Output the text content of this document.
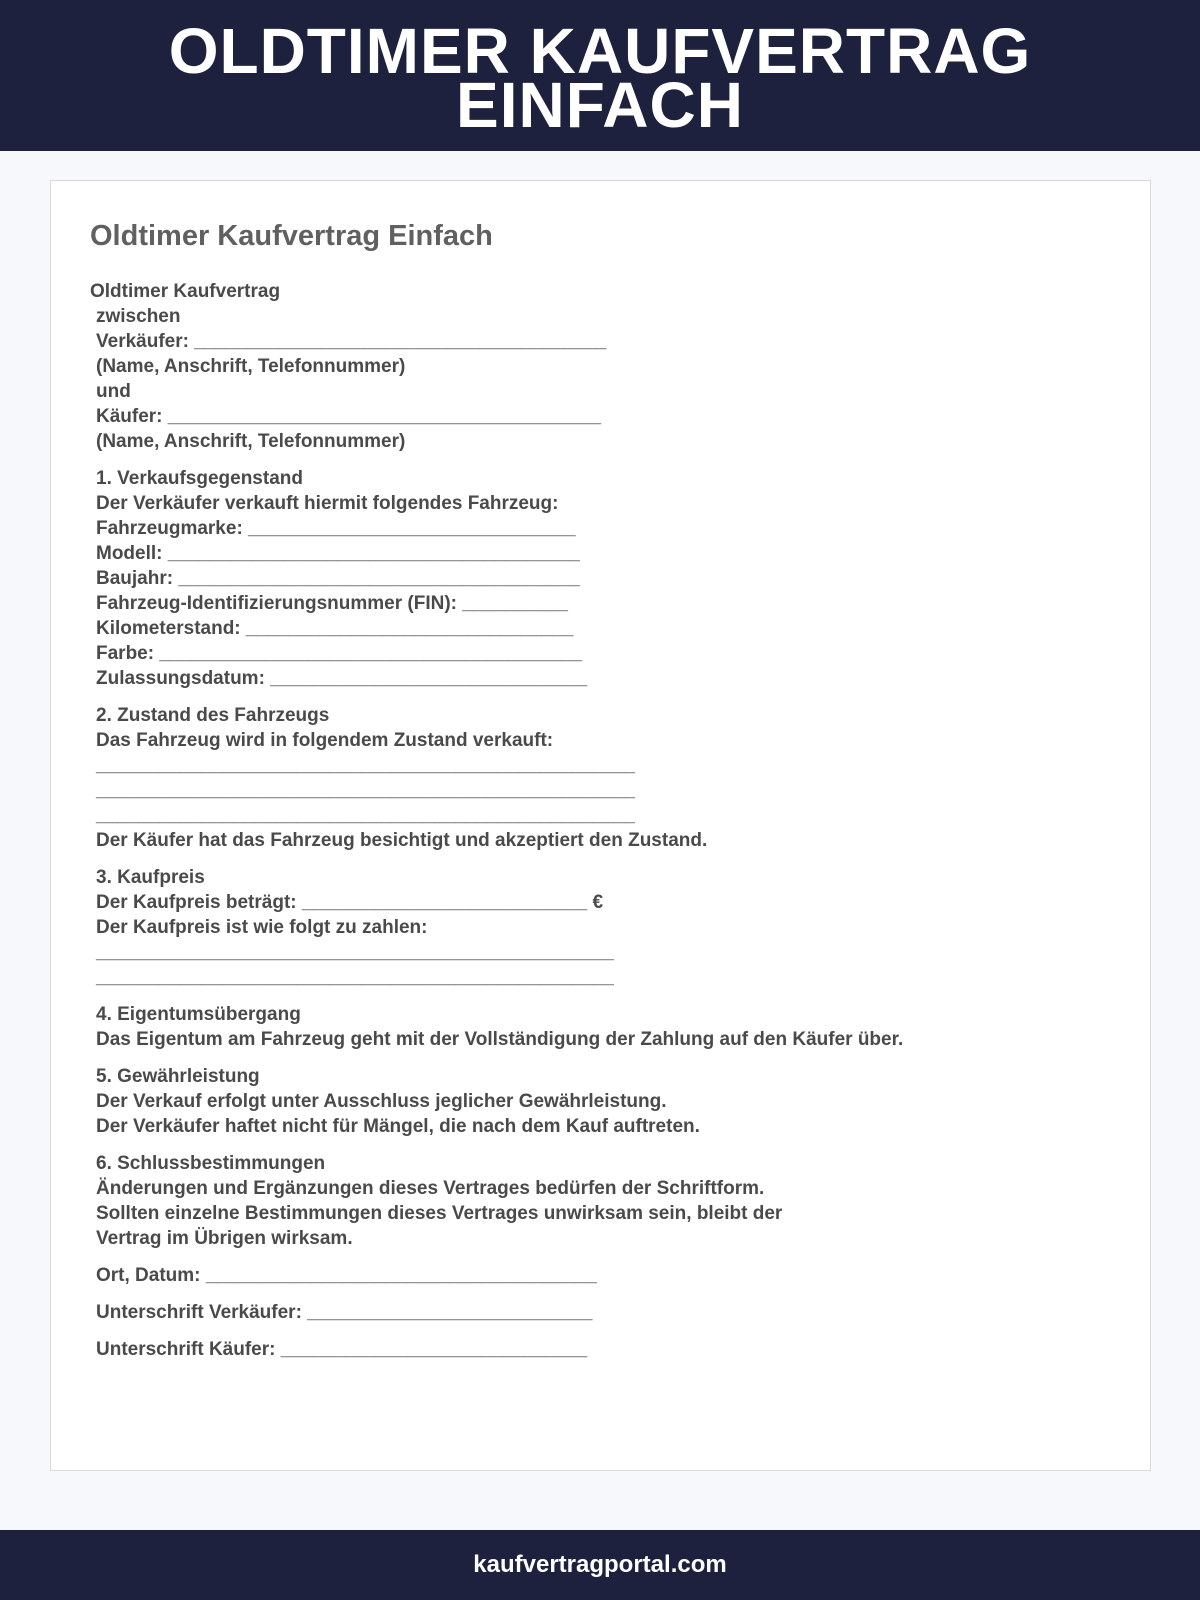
OLDTIMER KAUFVERTRAG
EINFACH
Oldtimer Kaufvertrag Einfach
Oldtimer Kaufvertrag
zwischen
Verkäufer: _______________________________________
(Name, Anschrift, Telefonnummer)
und
Käufer: _________________________________________
(Name, Anschrift, Telefonnummer)
1. Verkaufsgegenstand
Der Verkäufer verkauft hiermit folgendes Fahrzeug:
Fahrzeugmarke: _______________________________
Modell: _______________________________________
Baujahr: ______________________________________
Fahrzeug-Identifizierungsnummer (FIN): __________
Kilometerstand: _______________________________
Farbe: ________________________________________
Zulassungsdatum: ______________________________
2. Zustand des Fahrzeugs
Das Fahrzeug wird in folgendem Zustand verkauft:
___________________________________________________
___________________________________________________
___________________________________________________
Der Käufer hat das Fahrzeug besichtigt und akzeptiert den Zustand.
3. Kaufpreis
Der Kaufpreis beträgt: ___________________________ €
Der Kaufpreis ist wie folgt zu zahlen:
_________________________________________________
_________________________________________________
4. Eigentumsübergang
Das Eigentum am Fahrzeug geht mit der Vollständigung der Zahlung auf den Käufer über.
5. Gewährleistung
Der Verkauf erfolgt unter Ausschluss jeglicher Gewährleistung.
Der Verkäufer haftet nicht für Mängel, die nach dem Kauf auftreten.
6. Schlussbestimmungen
Änderungen und Ergänzungen dieses Vertrages bedürfen der Schriftform.
Sollten einzelne Bestimmungen dieses Vertrages unwirksam sein, bleibt der
Vertrag im Übrigen wirksam.
Ort, Datum: _____________________________________
Unterschrift Verkäufer: ___________________________
Unterschrift Käufer: _____________________________
kaufvertragportal.com
